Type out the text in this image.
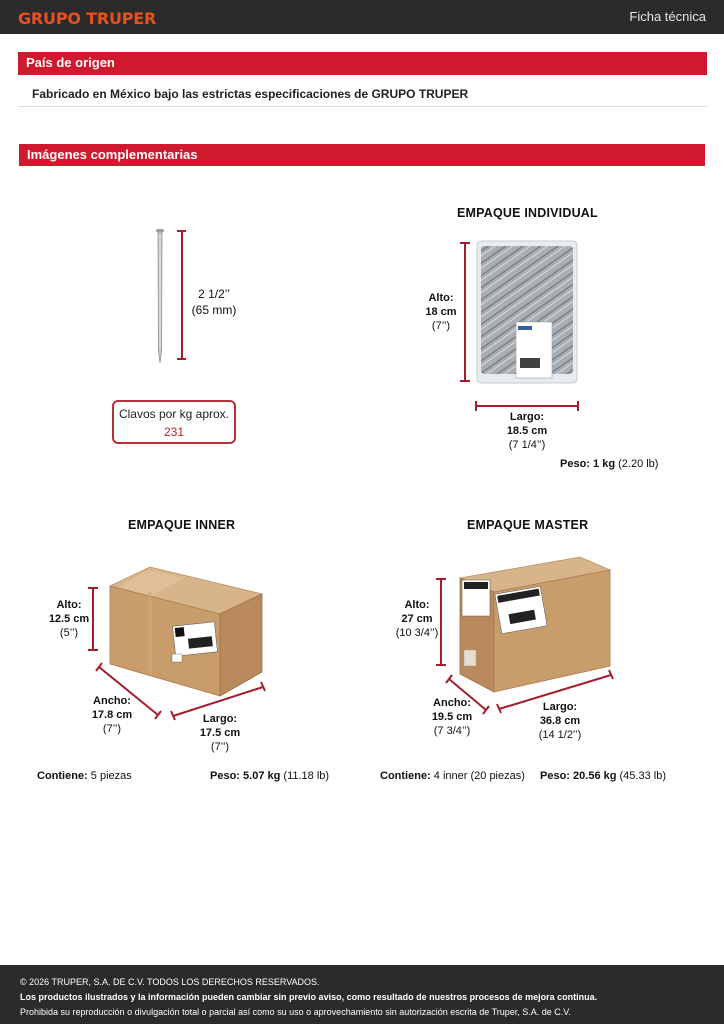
GRUPO TRUPER	Ficha técnica
País de origen
Fabricado en México bajo las estrictas especificaciones de GRUPO TRUPER
Imágenes complementarias
2 1/2’’
(65 mm)
Clavos por kg aprox.
231
EMPAQUE INDIVIDUAL
Alto:
18 cm
(7’’)
Largo:
18.5 cm
(7 1/4’’)
Peso: 1 kg (2.20 lb)
EMPAQUE INNER
Alto:
12.5 cm
(5’’)
Ancho:
17.8 cm
(7’’)
Largo:
17.5 cm
(7’’)
Contiene: 5 piezas	Peso: 5.07 kg (11.18 lb)
EMPAQUE MASTER
Alto:
27 cm
(10 3/4’’)
Ancho:
19.5 cm
(7 3/4’’)
Largo:
36.8 cm
(14 1/2’’)
Contiene: 4 inner (20 piezas)	Peso: 20.56 kg (45.33 lb)
© 2026 TRUPER, S.A. DE C.V. TODOS LOS DERECHOS RESERVADOS.
Los productos ilustrados y la información pueden cambiar sin previo aviso, como resultado de nuestros procesos de mejora continua.
Prohibida su reproducción o divulgación total o parcial así como su uso o aprovechamiento sin autorización escrita de Truper, S.A. de C.V.
